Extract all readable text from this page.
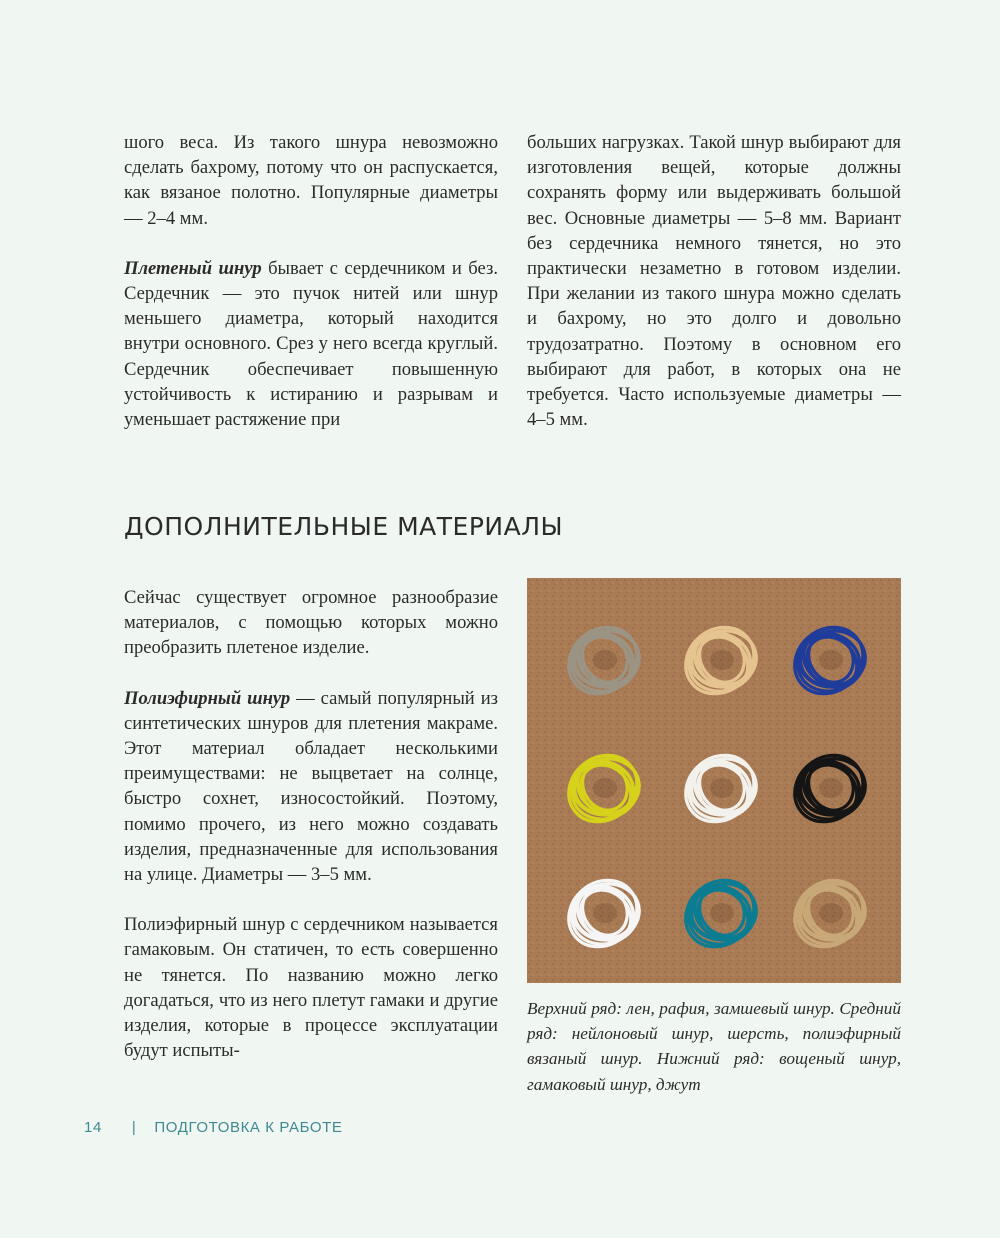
шого веса. Из такого шнура невозможно сделать бахрому, потому что он распускается, как вязаное полотно. Популярные диаметры — 2–4 мм.

Плетеный шнур бывает с сердечником и без. Сердечник — это пучок нитей или шнур меньшего диаметра, который находится внутри основного. Срез у него всегда круглый. Сердечник обеспечивает повышенную устойчивость к истиранию и разрывам и уменьшает растяжение при

больших нагрузках. Такой шнур выбирают для изготовления вещей, которые должны сохранять форму или выдерживать большой вес. Основные диаметры — 5–8 мм. Вариант без сердечника немного тянется, но это практически незаметно в готовом изделии. При желании из такого шнура можно сделать и бахрому, но это долго и довольно трудозатратно. Поэтому в основном его выбирают для работ, в которых она не требуется. Часто используемые диаметры — 4–5 мм.

ДОПОЛНИТЕЛЬНЫЕ МАТЕРИАЛЫ

Сейчас существует огромное разнообразие материалов, с помощью которых можно преобразить плетеное изделие.

Полиэфирный шнур — самый популярный из синтетических шнуров для плетения макраме. Этот материал обладает несколькими преимуществами: не выцветает на солнце, быстро сохнет, износостойкий. Поэтому, помимо прочего, из него можно создавать изделия, предназначенные для использования на улице. Диаметры — 3–5 мм.

Полиэфирный шнур с сердечником называется гамаковым. Он статичен, то есть совершенно не тянется. По названию можно легко догадаться, что из него плетут гамаки и другие изделия, которые в процессе эксплуатации будут испыты-

Верхний ряд: лен, рафия, замшевый шнур. Средний ряд: нейлоновый шнур, шерсть, полиэфирный вязаный шнур. Нижний ряд: вощеный шнур, гамаковый шнур, джут
14 | ПОДГОТОВКА К РАБОТЕ
